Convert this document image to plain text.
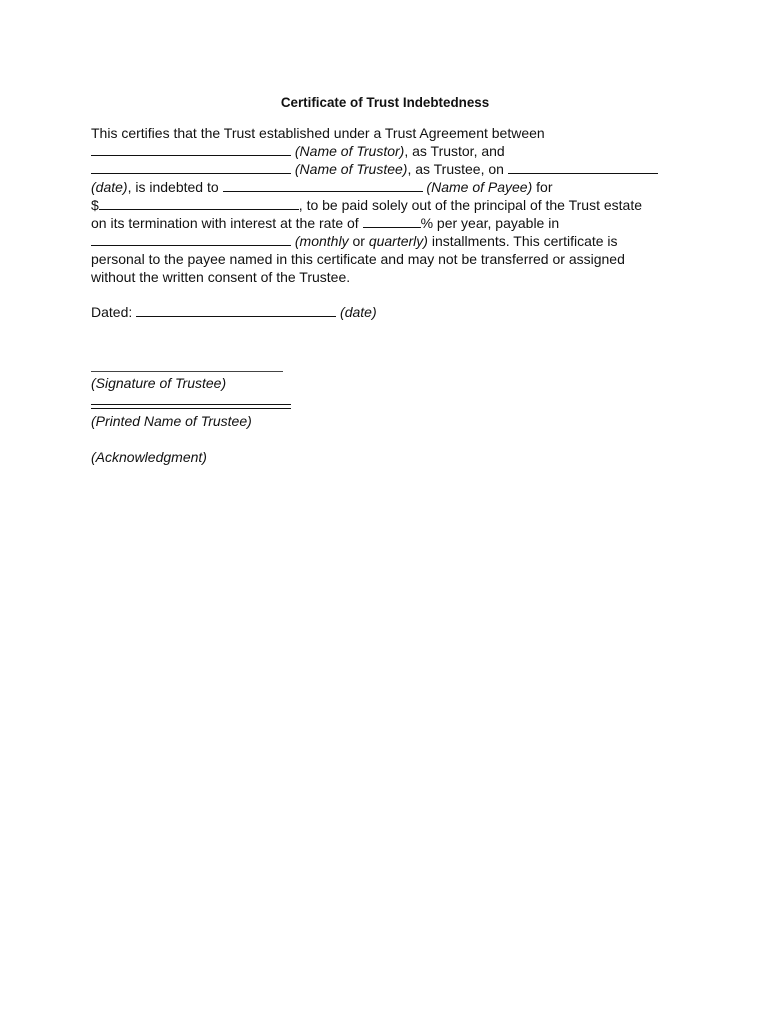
Certificate of Trust Indebtedness
This certifies that the Trust established under a Trust Agreement between
(Name of Trustor), as Trustor, and
(Name of Trustee), as Trustee, on
(date), is indebted to	(Name of Payee) for
$	, to be paid solely out of the principal of the Trust estate
on its termination with interest at the rate of	% per year, payable in
(monthly or quarterly) installments. This certificate is
personal to the payee named in this certificate and may not be transferred or assigned
without the written consent of the Trustee.
Dated:	(date)
(Signature of Trustee)
(Printed Name of Trustee)
(Acknowledgment)
